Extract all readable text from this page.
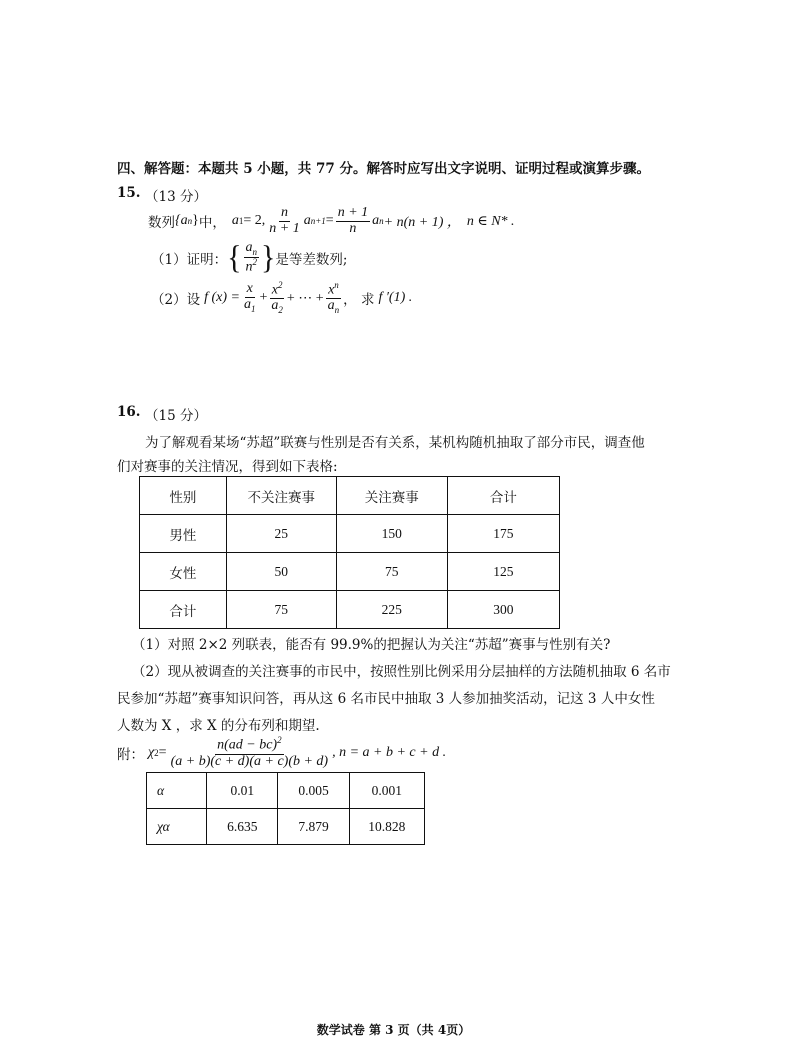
四、解答题：本题共 5 小题，共 77 分。解答时应写出文字说明、证明过程或演算步骤。
15. （13 分）
数列 {a n } 中， a 1 = 2, $\frac{n}{n + 1}$ a $n+1 = \frac{n + 1}{n}$ a n + n(n + 1) ， n ∈ N* .
（1）证明： { $\frac{a_n}{n^2}$ } 是等差数列;
（2）设 f $(x) = \frac{x}{a_1} + \frac{x^2}{a_2}$ + ⋯ + $\frac{x^n}{a_n}$ ， 求 f ′(1) .
16. （15 分）
为了解观看某场“苏超”联赛与性别是否有关系，某机构随机抽取了部分市民，调查他
们对赛事的关注情况，得到如下表格:
性别	不关注赛事	关注赛事	合计
男性	25	150	175
女性	50	75	125
合计	75	225	300
（1）对照 2×2 列联表，能否有 99.9%的把握认为关注“苏超”赛事与性别有关?
（2）现从被调查的关注赛事的市民中，按照性别比例采用分层抽样的方法随机抽取 6 名市
民参加“苏超”赛事知识问答，再从这 6 名市民中抽取 3 人参加抽奖活动，记这 3 人中女性
人数为 X ，求 X 的分布列和期望.
附： χ $2 = \frac{n(ad - bc)^2}{(a + b)(c + d)(a + c)(b + d)}$ , n = a + b + c + d .
α	0.01	0.005	0.001
χα	6.635	7.879	10.828
数学试卷 第 3 页（共 4页）
